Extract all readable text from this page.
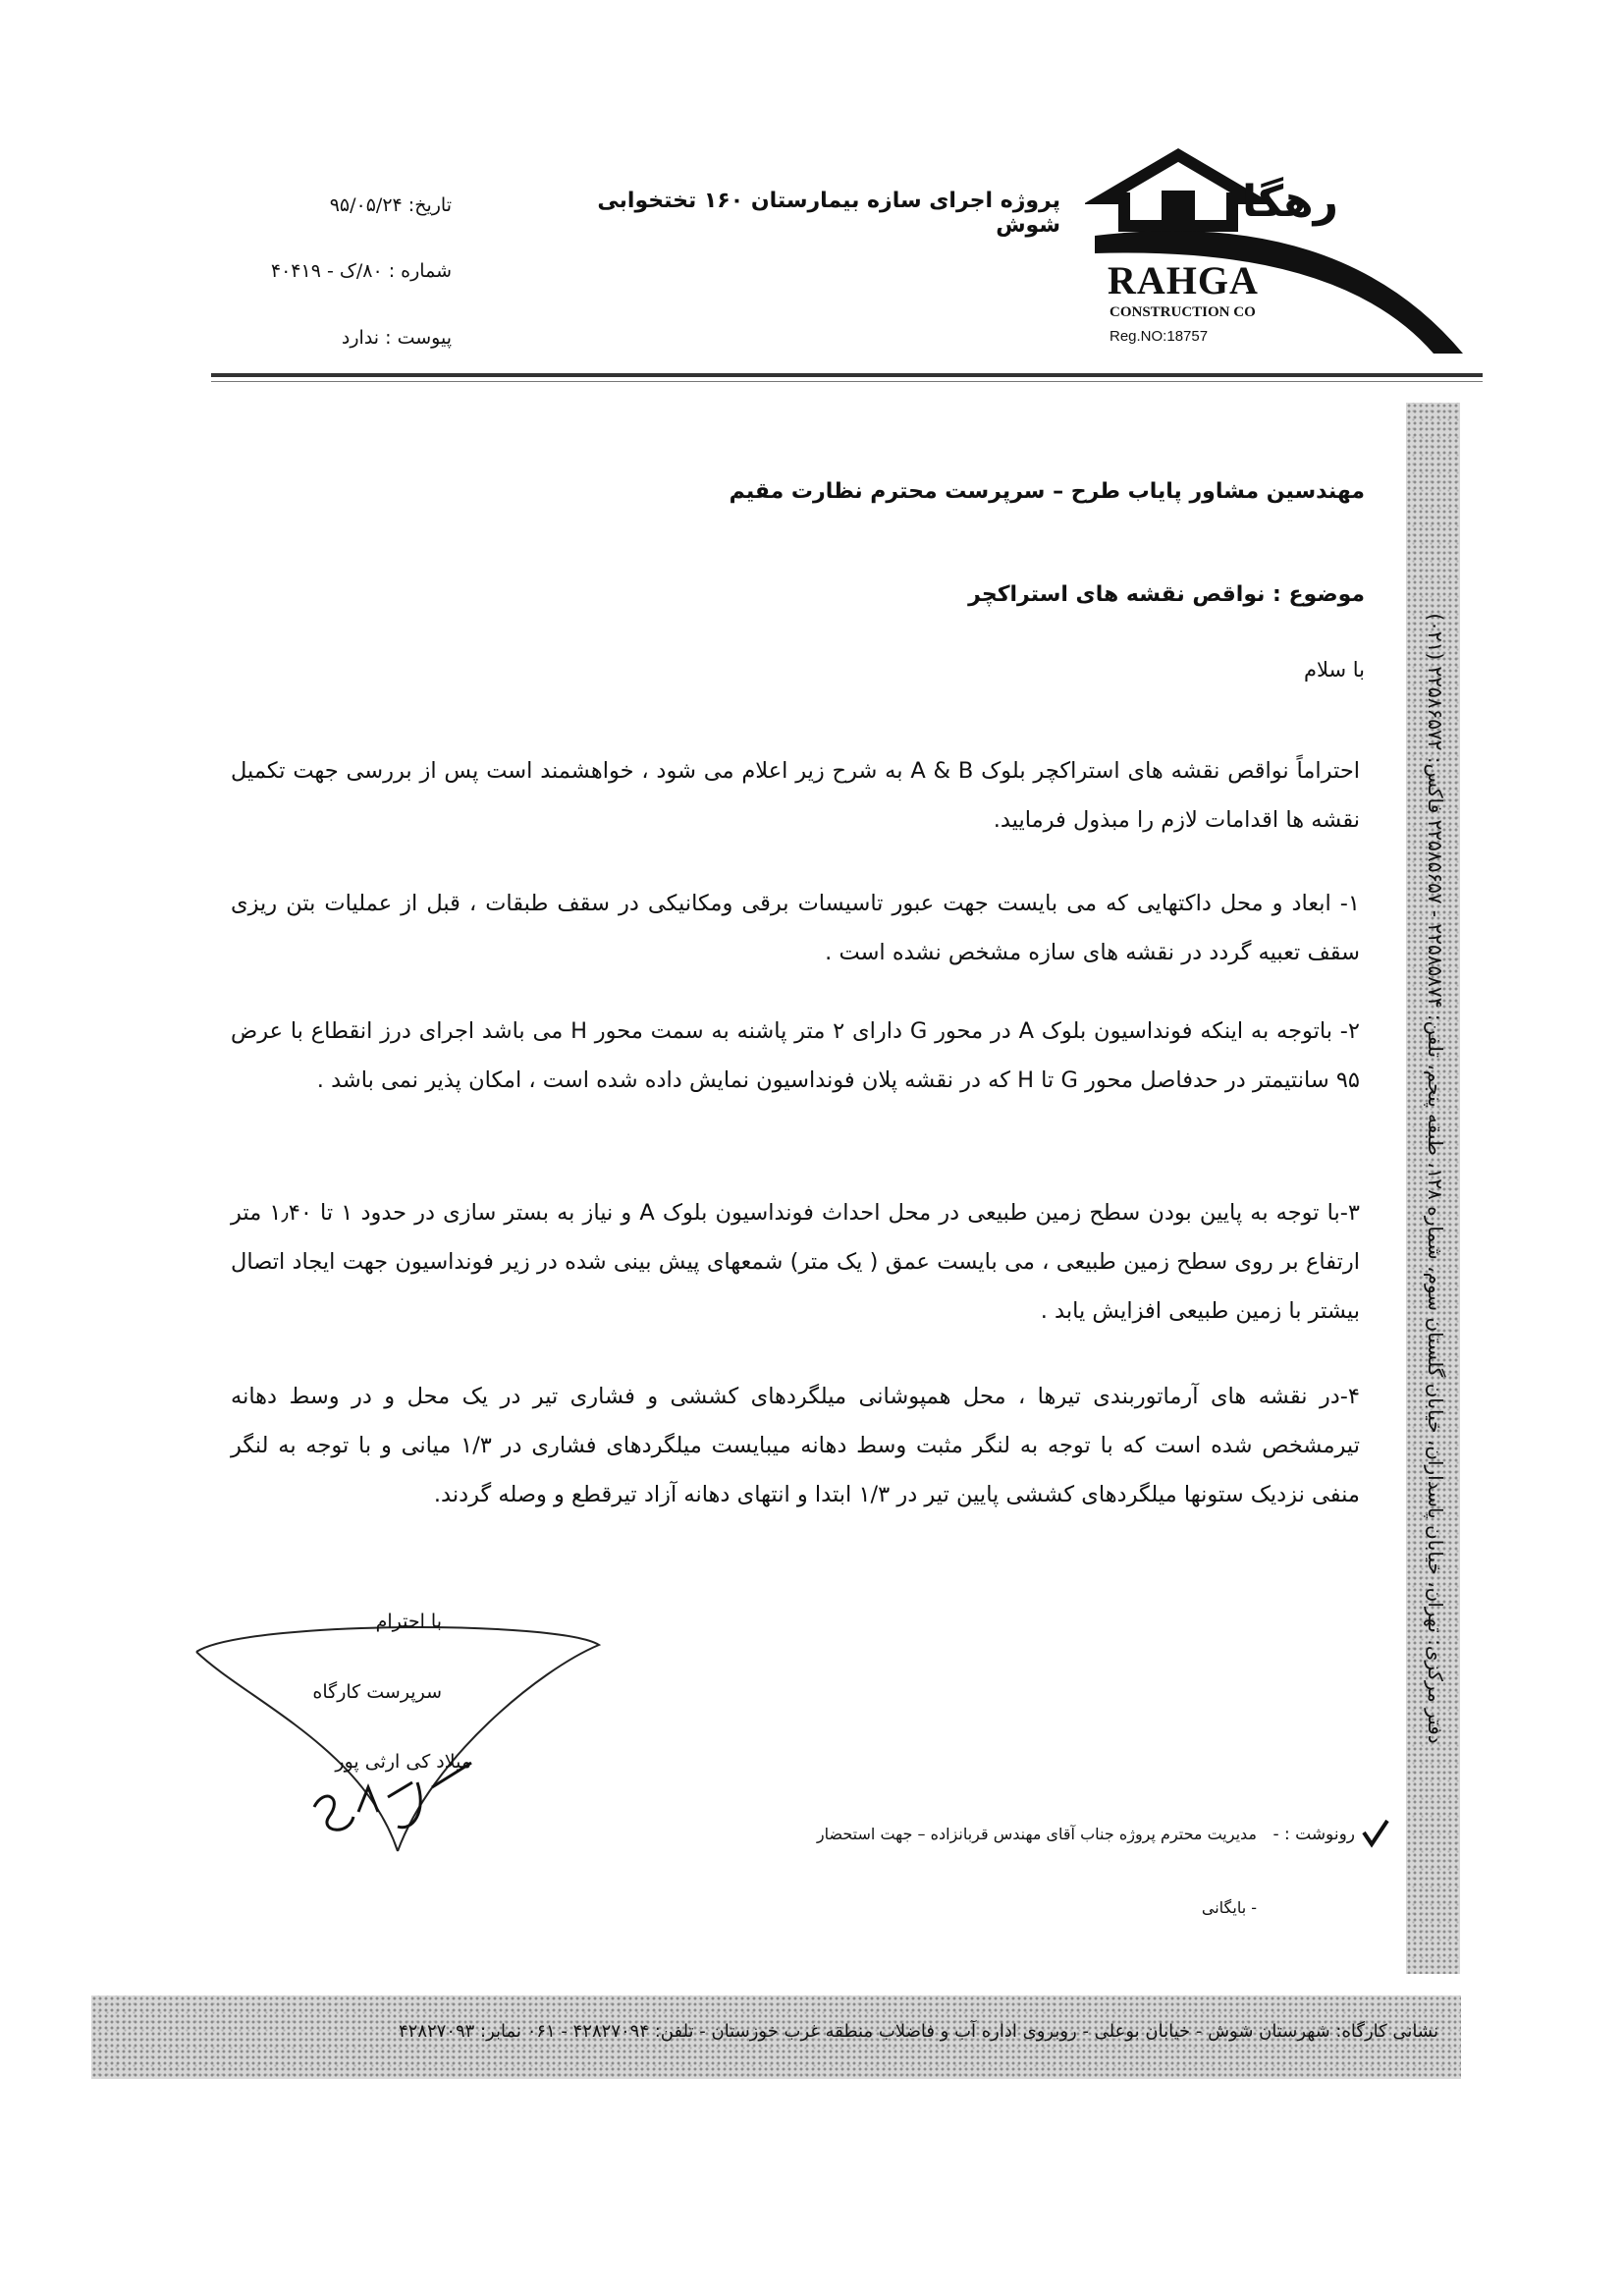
رهگا
RAHGA
CONSTRUCTION CO
Reg.NO:18757
پروژه اجرای سازه بیمارستان ۱۶۰ تختخوابی شوش
تاریخ: ۹۵/۰۵/۲۴
شماره : ۸۰/ک - ۴۰۴۱۹
پیوست : ندارد
دفتر مرکزی: تهران، خیابان پاسداران، خیابان گلستان سوم، شماره ۱۲۸، طبقه پنجم، تلفن: ۲۲۵۸۵۸۷۴ - ۲۲۵۸۵۶۵۷ فاکس: ۲۲۵۸۶۵۷۲ (۰۲۱)
مهندسین مشاور پایاب طرح – سرپرست محترم نظارت مقیم
موضوع : نواقص نقشه های استراکچر
با سلام
احتراماً نواقص نقشه های استراکچر بلوک A & B به شرح زیر اعلام می شود ، خواهشمند است پس از بررسی جهت تکمیل نقشه ها اقدامات لازم را مبذول فرمایید.
۱- ابعاد و محل داکتهایی که می بایست جهت عبور تاسیسات برقی ومکانیکی در سقف طبقات ، قبل از عملیات بتن ریزی سقف تعبیه گردد در نقشه های سازه مشخص نشده است .
۲- باتوجه به اینکه فونداسیون بلوک A در محور G دارای ۲ متر پاشنه به سمت محور H می باشد اجرای درز انقطاع با عرض ۹۵ سانتیمتر در حدفاصل محور G تا H که در نقشه پلان فونداسیون نمایش داده شده است ، امکان پذیر نمی باشد .
۳-با توجه به پایین بودن سطح زمین طبیعی در محل احداث فونداسیون بلوک A و نیاز به بستر سازی در حدود ۱ تا ۱٫۴۰ متر ارتفاع بر روی سطح زمین طبیعی ، می بایست عمق ( یک متر) شمعهای پیش بینی شده در زیر فونداسیون جهت ایجاد اتصال بیشتر با زمین طبیعی افزایش یابد .
۴-در نقشه های آرماتوربندی تیرها ، محل همپوشانی میلگردهای کششی و فشاری تیر در یک محل و در وسط دهانه تیرمشخص شده است که با توجه به لنگر مثبت وسط دهانه میبایست میلگردهای فشاری در ۱/۳ میانی و با توجه به لنگر منفی نزدیک ستونها میلگردهای کششی پایین تیر در ۱/۳ ابتدا و انتهای دهانه آزاد تیرقطع و وصله گردند.
با احترام
سرپرست کارگاه
میلاد کی ارثی پور
رونوشت : -
مدیریت محترم پروژه جناب آقای مهندس قربانزاده – جهت استحضار
- بایگانی
نشانی کارگاه: شهرستان شوش - خیابان بوعلی - روبروی اداره آب و فاضلاب منطقه غرب خوزستان - تلفن: ۴۲۸۲۷۰۹۴ - ۰۶۱ نمابر: ۴۲۸۲۷۰۹۳
